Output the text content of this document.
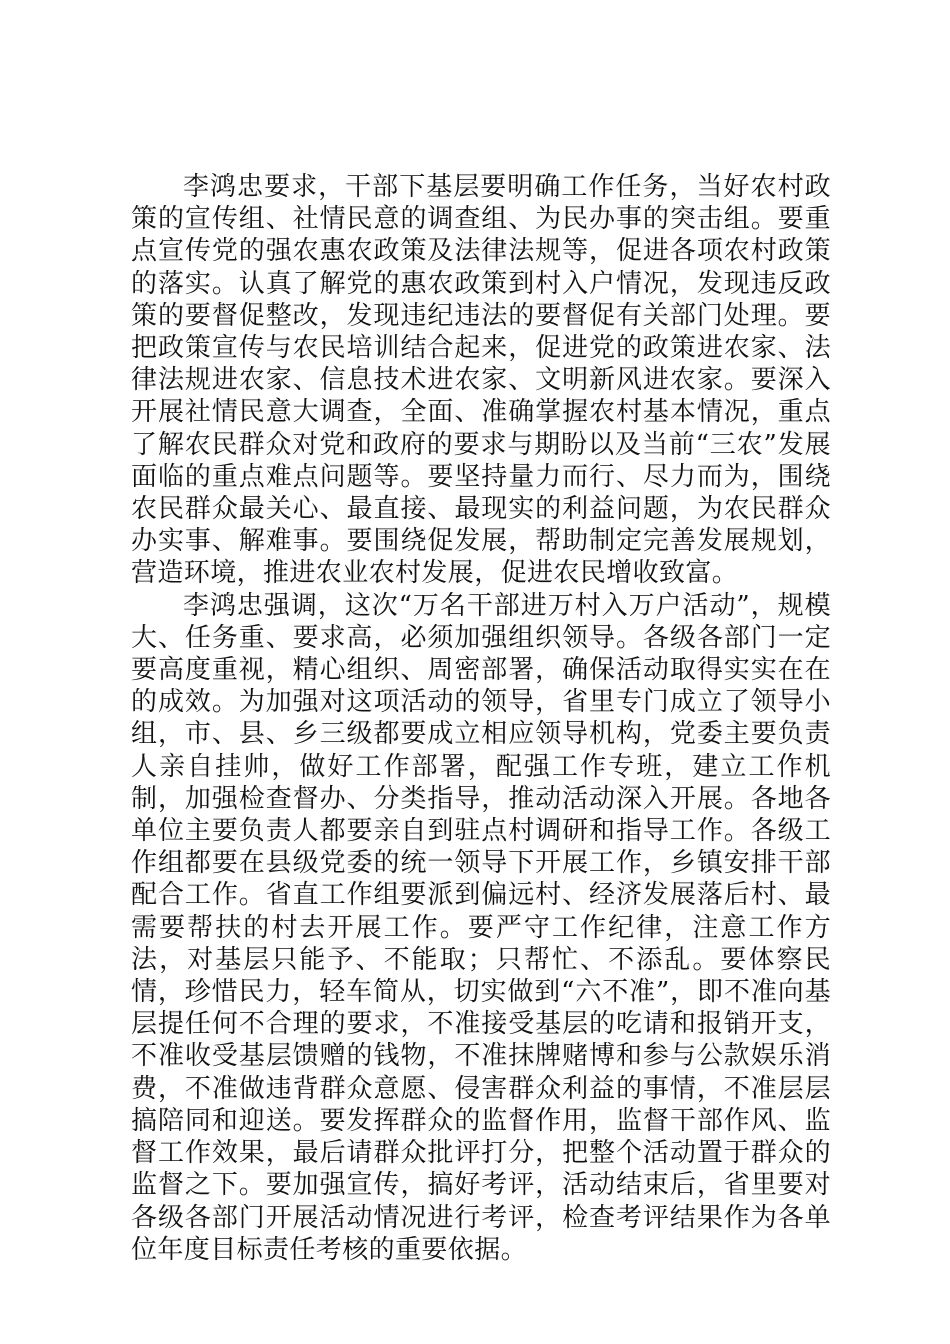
李鸿忠要求，干部下基层要明确工作任务，当好农村政策的宣传组、社情民意的调查组、为民办事的突击组。要重点宣传党的强农惠农政策及法律法规等，促进各项农村政策的落实。认真了解党的惠农政策到村入户情况，发现违反政策的要督促整改，发现违纪违法的要督促有关部门处理。要把政策宣传与农民培训结合起来，促进党的政策进农家、法律法规进农家、信息技术进农家、文明新风进农家。要深入开展社情民意大调查，全面、准确掌握农村基本情况，重点了解农民群众对党和政府的要求与期盼以及当前“三农”发展面临的重点难点问题等。要坚持量力而行、尽力而为，围绕农民群众最关心、最直接、最现实的利益问题，为农民群众办实事、解难事。要围绕促发展，帮助制定完善发展规划，营造环境，推进农业农村发展，促进农民增收致富。

李鸿忠强调，这次“万名干部进万村入万户活动”，规模大、任务重、要求高，必须加强组织领导。各级各部门一定要高度重视，精心组织、周密部署，确保活动取得实实在在的成效。为加强对这项活动的领导，省里专门成立了领导小组，市、县、乡三级都要成立相应领导机构，党委主要负责人亲自挂帅，做好工作部署，配强工作专班，建立工作机制，加强检查督办、分类指导，推动活动深入开展。各地各单位主要负责人都要亲自到驻点村调研和指导工作。各级工作组都要在县级党委的统一领导下开展工作，乡镇安排干部配合工作。省直工作组要派到偏远村、经济发展落后村、最需要帮扶的村去开展工作。要严守工作纪律，注意工作方法，对基层只能予、不能取；只帮忙、不添乱。要体察民情，珍惜民力，轻车简从，切实做到“六不准”，即不准向基层提任何不合理的要求，不准接受基层的吃请和报销开支，不准收受基层馈赠的钱物，不准抹牌赌博和参与公款娱乐消费，不准做违背群众意愿、侵害群众利益的事情，不准层层搞陪同和迎送。要发挥群众的监督作用，监督干部作风、监督工作效果，最后请群众批评打分，把整个活动置于群众的监督之下。要加强宣传，搞好考评，活动结束后，省里要对各级各部门开展活动情况进行考评，检查考评结果作为各单位年度目标责任考核的重要依据。
